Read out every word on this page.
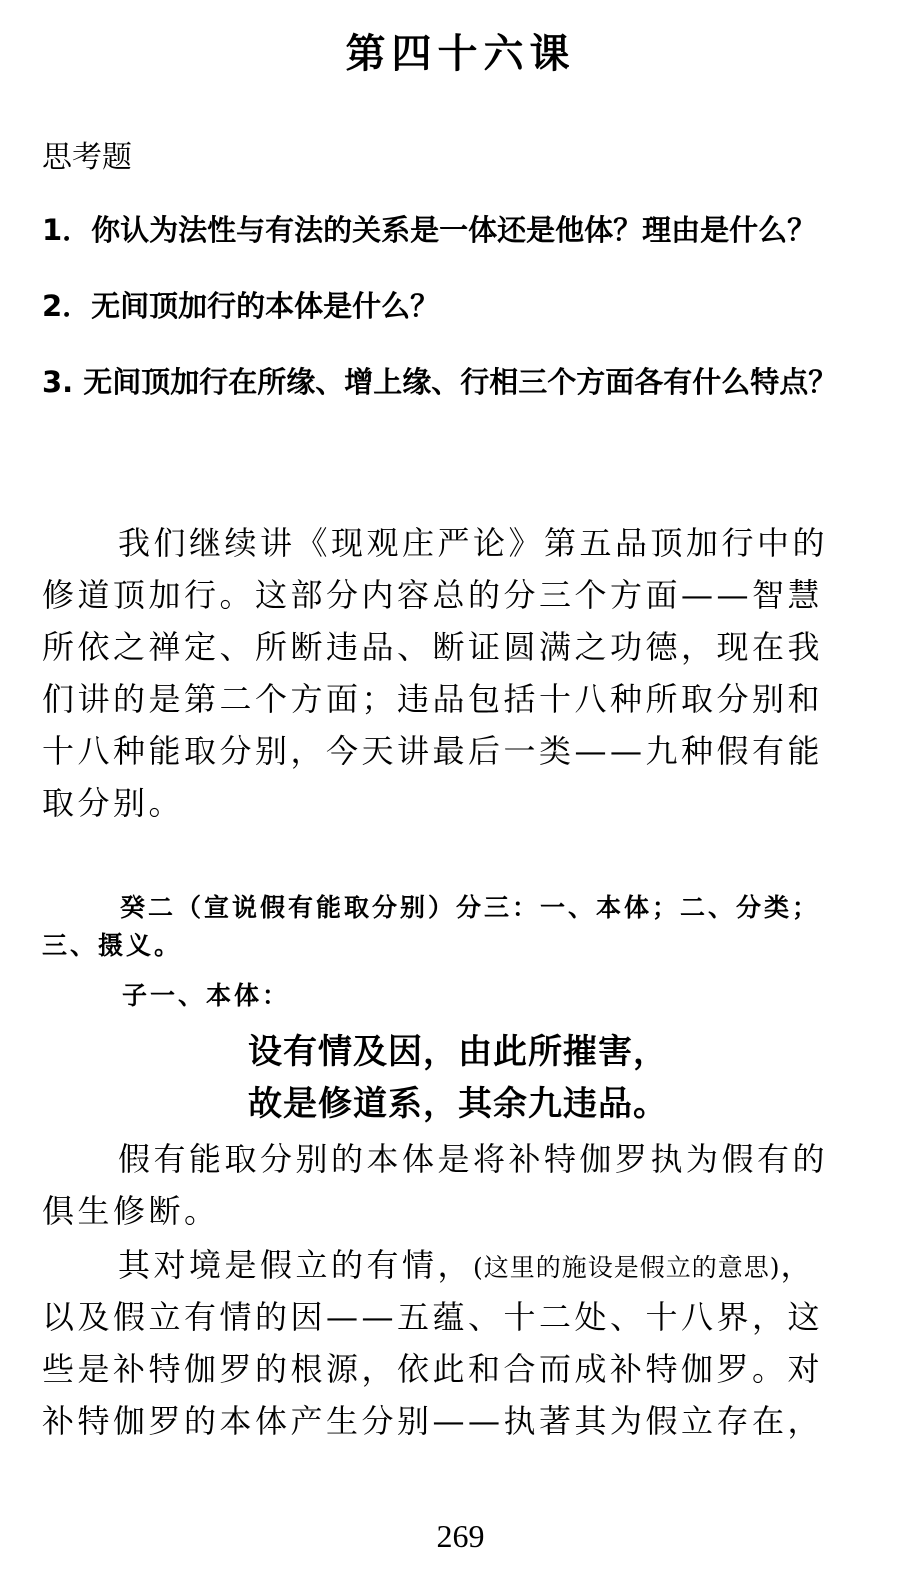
第四十六课
思考题
1．你认为法性与有法的关系是一体还是他体？理由是什么？
2．无间顶加行的本体是什么？
3. 无间顶加行在所缘、增上缘、行相三个方面各有什么特点？
我们继续讲《现观庄严论》第五品顶加行中的
修道顶加行。这部分内容总的分三个方面——智慧
所依之禅定、所断违品、断证圆满之功德，现在我
们讲的是第二个方面；违品包括十八种所取分别和
十八种能取分别，今天讲最后一类——九种假有能
取分别。
癸二（宣说假有能取分别）分三：一、本体；二、分类；
三、摄义。
子一、本体：
设有情及因，由此所摧害，
故是修道系，其余九违品。
假有能取分别的本体是将补特伽罗执为假有的
俱生修断。
其对境是假立的有情，(这里的施设是假立的意思)，
以及假立有情的因——五蕴、十二处、十八界，这
些是补特伽罗的根源，依此和合而成补特伽罗。对
补特伽罗的本体产生分别——执著其为假立存在，
269
